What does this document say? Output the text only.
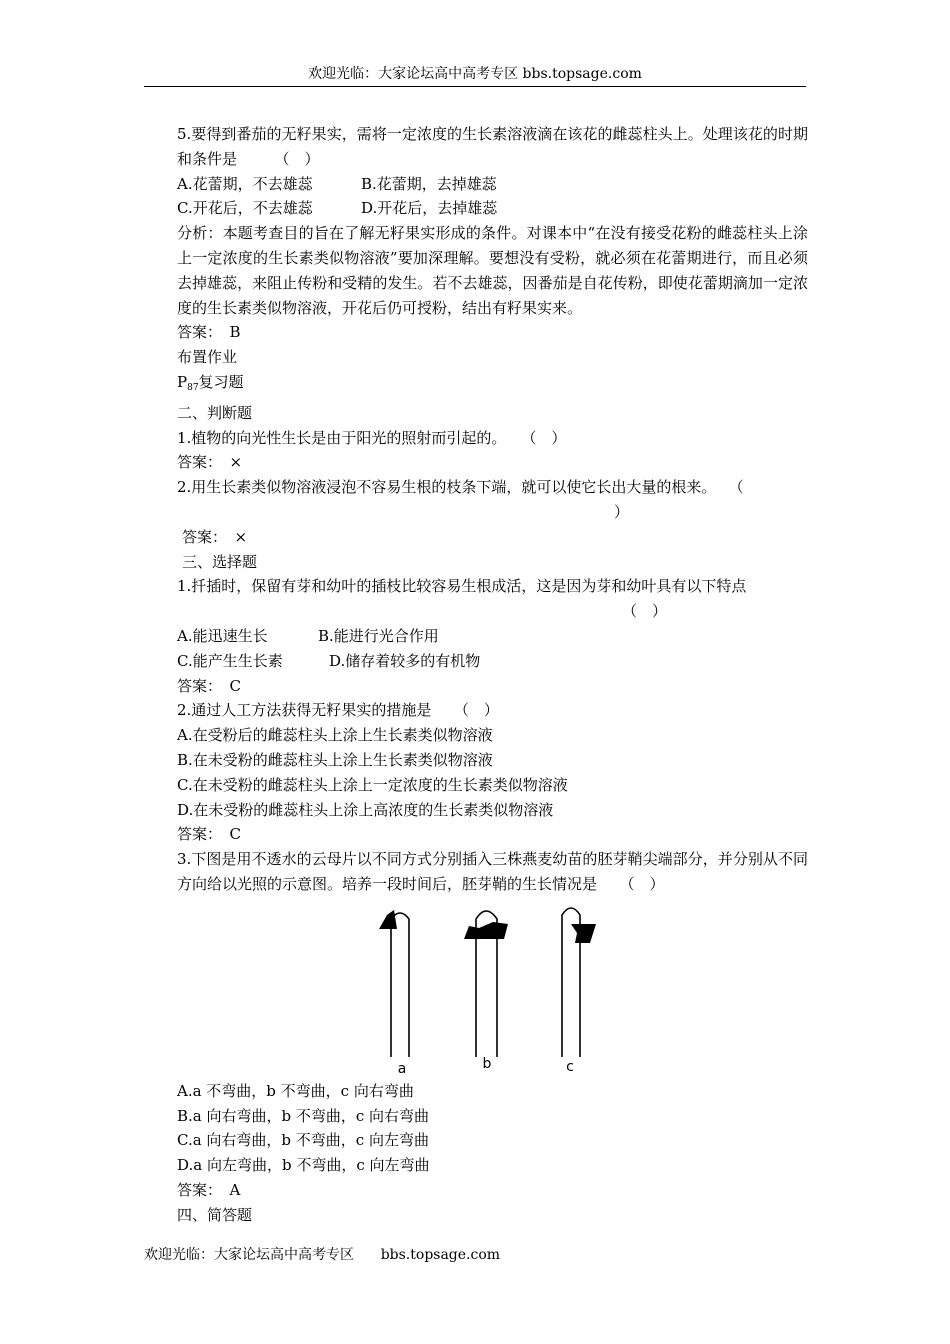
欢迎光临：大家论坛高中高考专区 bbs.topsage.com
5.要得到番茄的无籽果实，需将一定浓度的生长素溶液滴在该花的雌蕊柱头上。处理该花的时期和条件是　　　（　）
A.花蕾期，不去雄蕊	B.花蕾期，去掉雄蕊
C.开花后，不去雄蕊	D.开花后，去掉雄蕊
分析：本题考查目的旨在了解无籽果实形成的条件。对课本中“在没有接受花粉的雌蕊柱头上涂上一定浓度的生长素类似物溶液”要加深理解。要想没有受粉，就必须在花蕾期进行，而且必须去掉雄蕊，来阻止传粉和受精的发生。若不去雄蕊，因番茄是自花传粉，即使花蕾期滴加一定浓度的生长素类似物溶液，开花后仍可授粉，结出有籽果实来。
答案：　B
布置作业
$P_{87}$复习题
二、判断题
1.植物的向光性生长是由于阳光的照射而引起的。　　（　）
答案：　×
2.用生长素类似物溶液浸泡不容易生根的枝条下端，就可以使它长出大量的根来。　 （
）
答案：　×
三、选择题
1.扦插时，保留有芽和幼叶的插枝比较容易生根成活，这是因为芽和幼叶具有以下特点
（　）
A.能迅速生长	B.能进行光合作用
C.能产生生长素	D.储存着较多的有机物
答案：　C
2.通过人工方法获得无籽果实的措施是　　（　）
A.在受粉后的雌蕊柱头上涂上生长素类似物溶液
B.在未受粉的雌蕊柱头上涂上生长素类似物溶液
C.在未受粉的雌蕊柱头上涂上一定浓度的生长素类似物溶液
D.在未受粉的雌蕊柱头上涂上高浓度的生长素类似物溶液
答案：　C
3.下图是用不透水的云母片以不同方式分别插入三株燕麦幼苗的胚芽鞘尖端部分，并分别从不同方向给以光照的示意图。培养一段时间后，胚芽鞘的生长情况是　　（　）
a	b	c
A.a 不弯曲，b 不弯曲，c 向右弯曲
B.a 向右弯曲，b 不弯曲，c 向右弯曲
C.a 向右弯曲，b 不弯曲，c 向左弯曲
D.a 向左弯曲，b 不弯曲，c 向左弯曲
答案：　A
四、简答题
欢迎光临：大家论坛高中高考专区      bbs.topsage.com
